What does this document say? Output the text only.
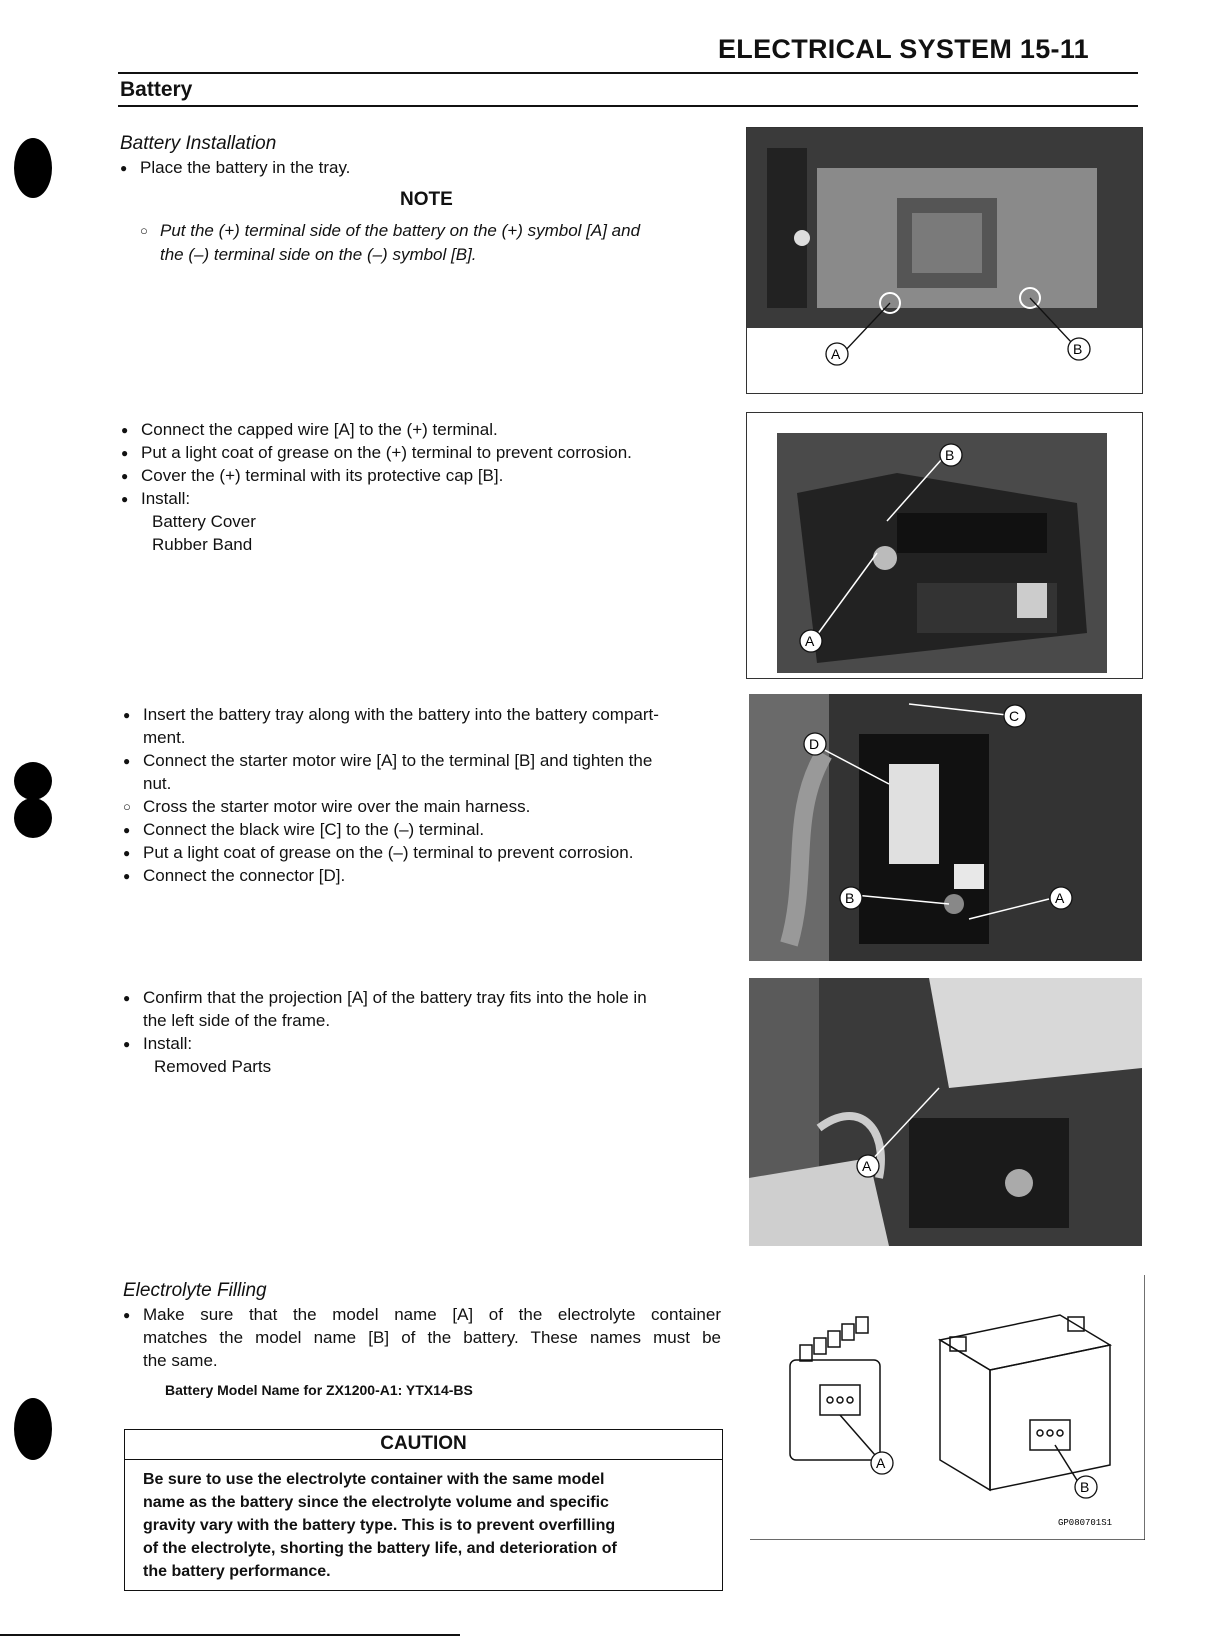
ELECTRICAL SYSTEM 15-11
Battery
Battery Installation
● Place the battery in the tray.
NOTE
○ Put the (+) terminal side of the battery on the (+) symbol [A] and
the (–) terminal side on the (–) symbol [B].
A	B
● Connect the capped wire [A] to the (+) terminal.
● Put a light coat of grease on the (+) terminal to prevent corrosion.
● Cover the (+) terminal with its protective cap [B].
● Install:
Battery Cover
Rubber Band
A
B
● Insert the battery tray along with the battery into the battery compart-
ment.
● Connect the starter motor wire [A] to the terminal [B] and tighten the
nut.
○ Cross the starter motor wire over the main harness.
● Connect the black wire [C] to the (–) terminal.
● Put a light coat of grease on the (–) terminal to prevent corrosion.
● Connect the connector [D].
C
D
B	A
● Confirm that the projection [A] of the battery tray fits into the hole in
the left side of the frame.
● Install:
Removed Parts
A
Electrolyte Filling
● Make sure that the model name [A] of the electrolyte container
matches the model name [B] of the battery. These names must be
the same.
Battery Model Name for ZX1200-A1: YTX14-BS
CAUTION
Be sure to use the electrolyte container with the same model
name as the battery since the electrolyte volume and specific
gravity vary with the battery type. This is to prevent overfilling
of the electrolyte, shorting the battery life, and deterioration of
the battery performance.
A
B
GP080701S1
